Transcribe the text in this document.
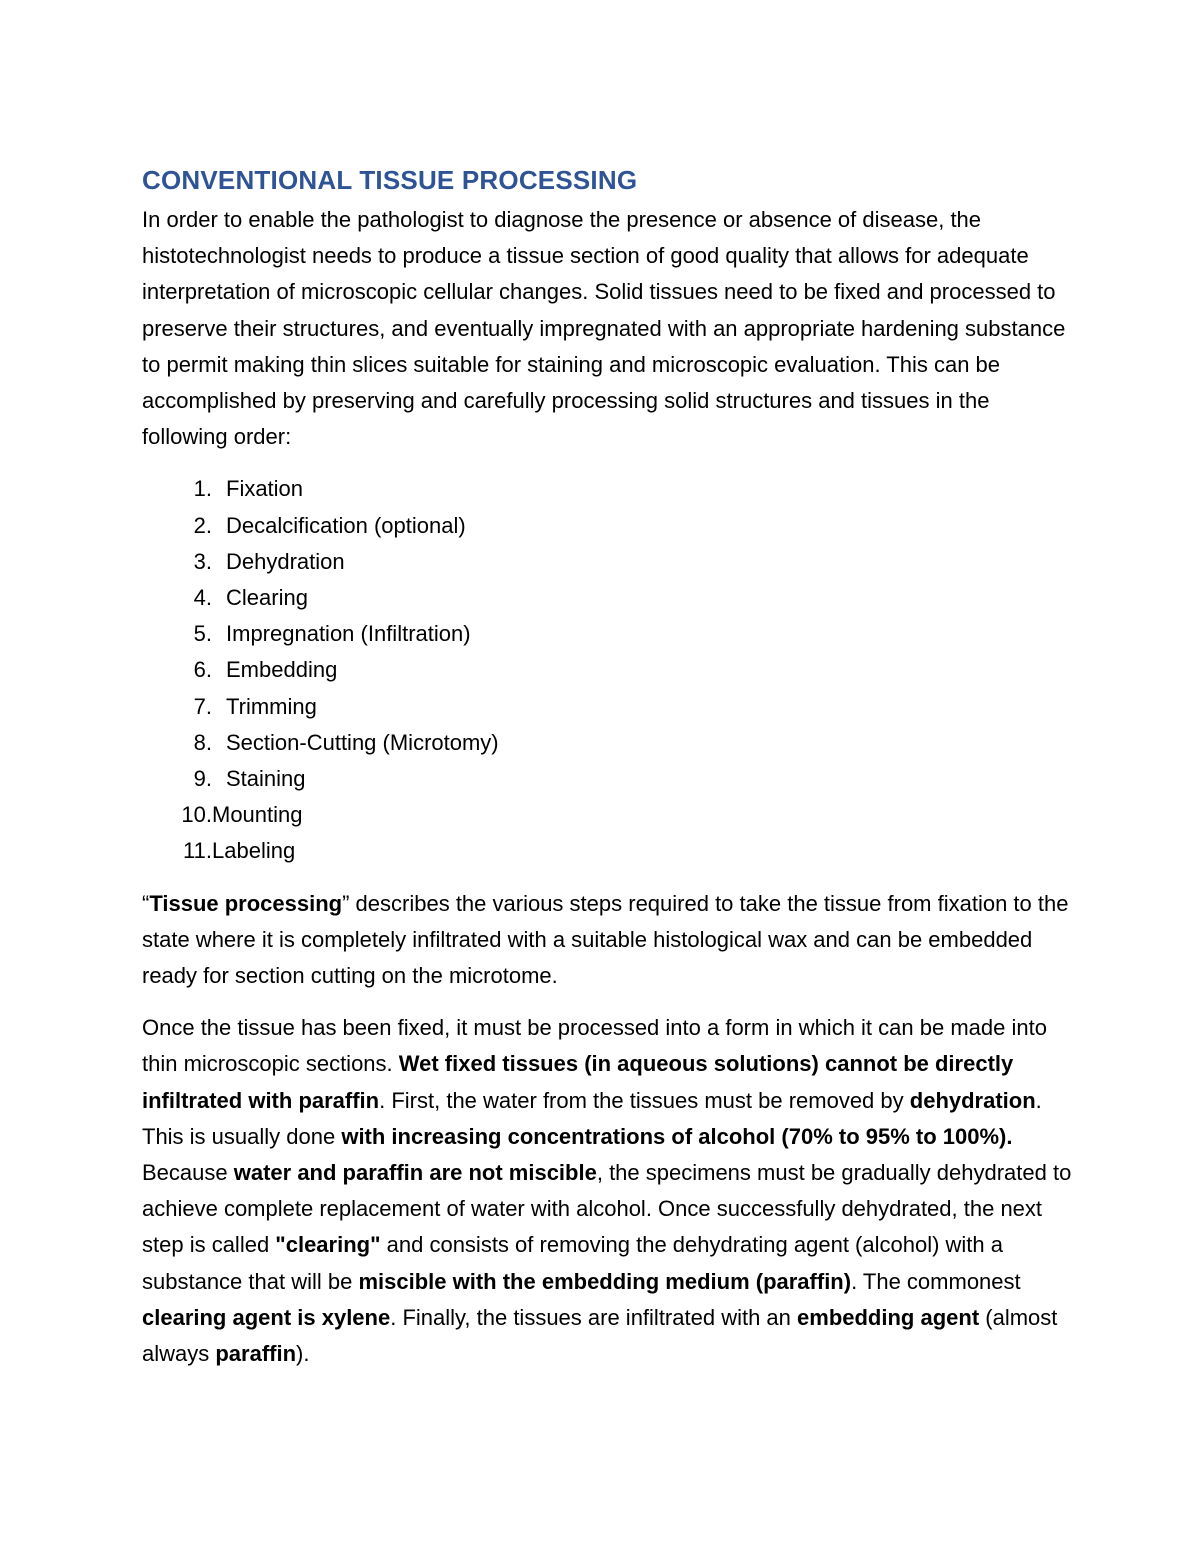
CONVENTIONAL TISSUE PROCESSING

In order to enable the pathologist to diagnose the presence or absence of disease, the histotechnologist needs to produce a tissue section of good quality that allows for adequate interpretation of microscopic cellular changes. Solid tissues need to be fixed and processed to preserve their structures, and eventually impregnated with an appropriate hardening substance to permit making thin slices suitable for staining and microscopic evaluation. This can be accomplished by preserving and carefully processing solid structures and tissues in the following order:

1. Fixation
2. Decalcification (optional)
3. Dehydration
4. Clearing
5. Impregnation (Infiltration)
6. Embedding
7. Trimming
8. Section-Cutting (Microtomy)
9. Staining
10. Mounting
11. Labeling

“Tissue processing” describes the various steps required to take the tissue from fixation to the state where it is completely infiltrated with a suitable histological wax and can be embedded ready for section cutting on the microtome.

Once the tissue has been fixed, it must be processed into a form in which it can be made into thin microscopic sections. Wet fixed tissues (in aqueous solutions) cannot be directly infiltrated with paraffin. First, the water from the tissues must be removed by dehydration. This is usually done with increasing concentrations of alcohol (70% to 95% to 100%). Because water and paraffin are not miscible, the specimens must be gradually dehydrated to achieve complete replacement of water with alcohol. Once successfully dehydrated, the next step is called "clearing" and consists of removing the dehydrating agent (alcohol) with a substance that will be miscible with the embedding medium (paraffin). The commonest clearing agent is xylene. Finally, the tissues are infiltrated with an embedding agent (almost always paraffin).
